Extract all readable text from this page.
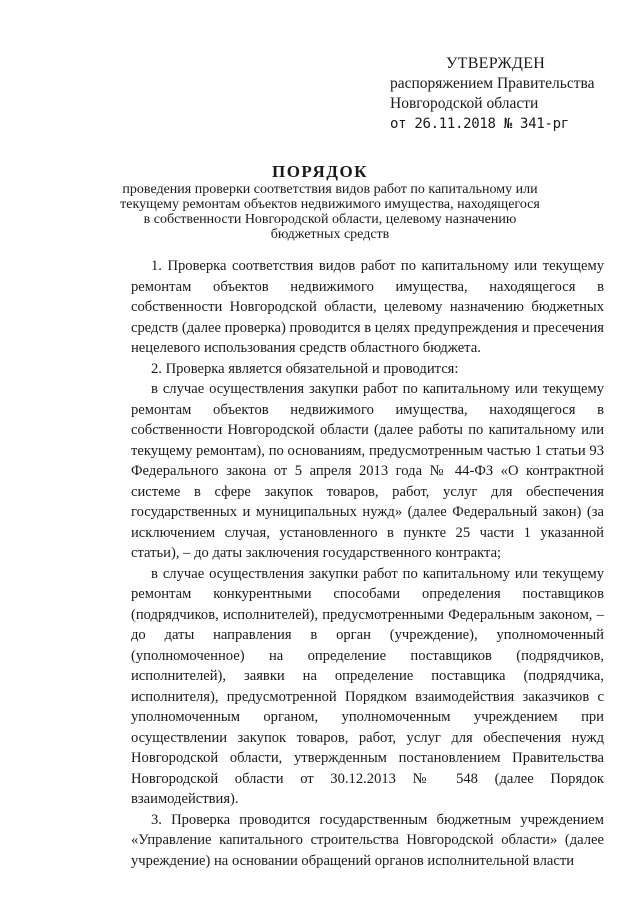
УТВЕРЖДЕН
распоряжением Правительства
Новгородской области
от 26.11.2018 № 341-рг
ПОРЯДОК
проведения проверки соответствия видов работ по капитальному или текущему ремонтам объектов недвижимого имущества, находящегося в собственности Новгородской области, целевому назначению бюджетных средств

1. Проверка соответствия видов работ по капитальному или текущему ремонтам объектов недвижимого имущества, находящегося в собственности Новгородской области, целевому назначению бюджетных средств (далее проверка) проводится в целях предупреждения и пресечения нецелевого использования средств областного бюджета.

2. Проверка является обязательной и проводится:

в случае осуществления закупки работ по капитальному или текущему ремонтам объектов недвижимого имущества, находящегося в собственности Новгородской области (далее работы по капитальному или текущему ремонтам), по основаниям, предусмотренным частью 1 статьи 93 Федерального закона от 5 апреля 2013 года № 44-ФЗ «О контрактной системе в сфере закупок товаров, работ, услуг для обеспечения государственных и муниципальных нужд» (далее Федеральный закон) (за исключением случая, установленного в пункте 25 части 1 указанной статьи), – до даты заключения государственного контракта;

в случае осуществления закупки работ по капитальному или текущему ремонтам конкурентными способами определения поставщиков (подрядчиков, исполнителей), предусмотренными Федеральным законом, – до даты направления в орган (учреждение), уполномоченный (уполномоченное) на определение поставщиков (подрядчиков, исполнителей), заявки на определение поставщика (подрядчика, исполнителя), предусмотренной Порядком взаимодействия заказчиков с уполномоченным органом, уполномоченным учреждением при осуществлении закупок товаров, работ, услуг для обеспечения нужд Новгородской области, утвержденным постановлением Правительства Новгородской области от 30.12.2013 № 548 (далее Порядок взаимодействия).

3. Проверка проводится государственным бюджетным учреждением «Управление капитального строительства Новгородской области» (далее учреждение) на основании обращений органов исполнительной власти
